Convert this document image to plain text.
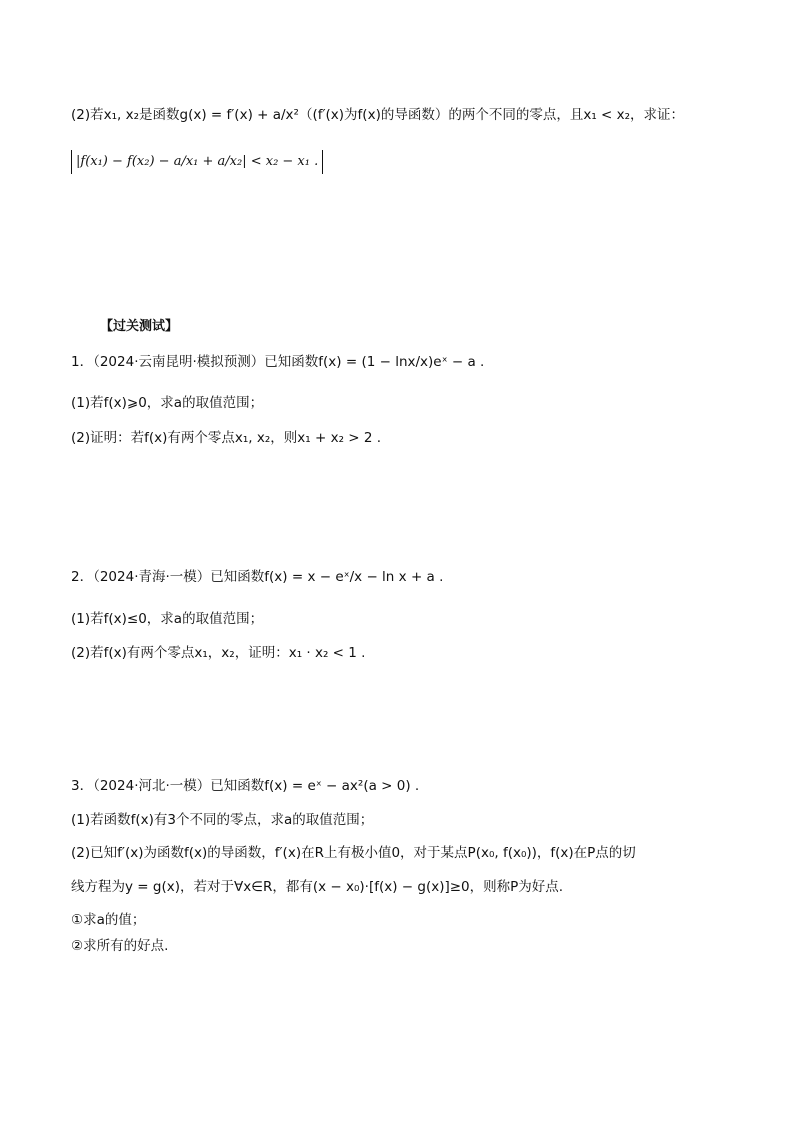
(2)若x₁, x₂是函数g(x) = f′(x) + a/x²（(f′(x)为f(x)的导函数）的两个不同的零点，且x₁ < x₂，求证：
|f(x₁) − f(x₂) − a/x₁ + a/x₂| < x₂ − x₁ .
【过关测试】
1．（2024·云南昆明·模拟预测）已知函数f(x) = (1 − lnx/x)eˣ − a .
(1)若f(x)⩾0，求a的取值范围；
(2)证明：若f(x)有两个零点x₁, x₂，则x₁ + x₂ > 2 .
2．（2024·青海·一模）已知函数f(x) = x − eˣ/x − ln x + a .
(1)若f(x)≤0，求a的取值范围；
(2)若f(x)有两个零点x₁，x₂，证明：x₁ · x₂ < 1 .
3．（2024·河北·一模）已知函数f(x) = eˣ − ax²(a > 0) .
(1)若函数f(x)有3个不同的零点，求a的取值范围；
(2)已知f′(x)为函数f(x)的导函数，f′(x)在R上有极小值0，对于某点P(x₀, f(x₀))，f(x)在P点的切
线方程为y = g(x)，若对于∀x∈R，都有(x − x₀)·[f(x) − g(x)]≥0，则称P为好点.
①求a的值；
②求所有的好点.
